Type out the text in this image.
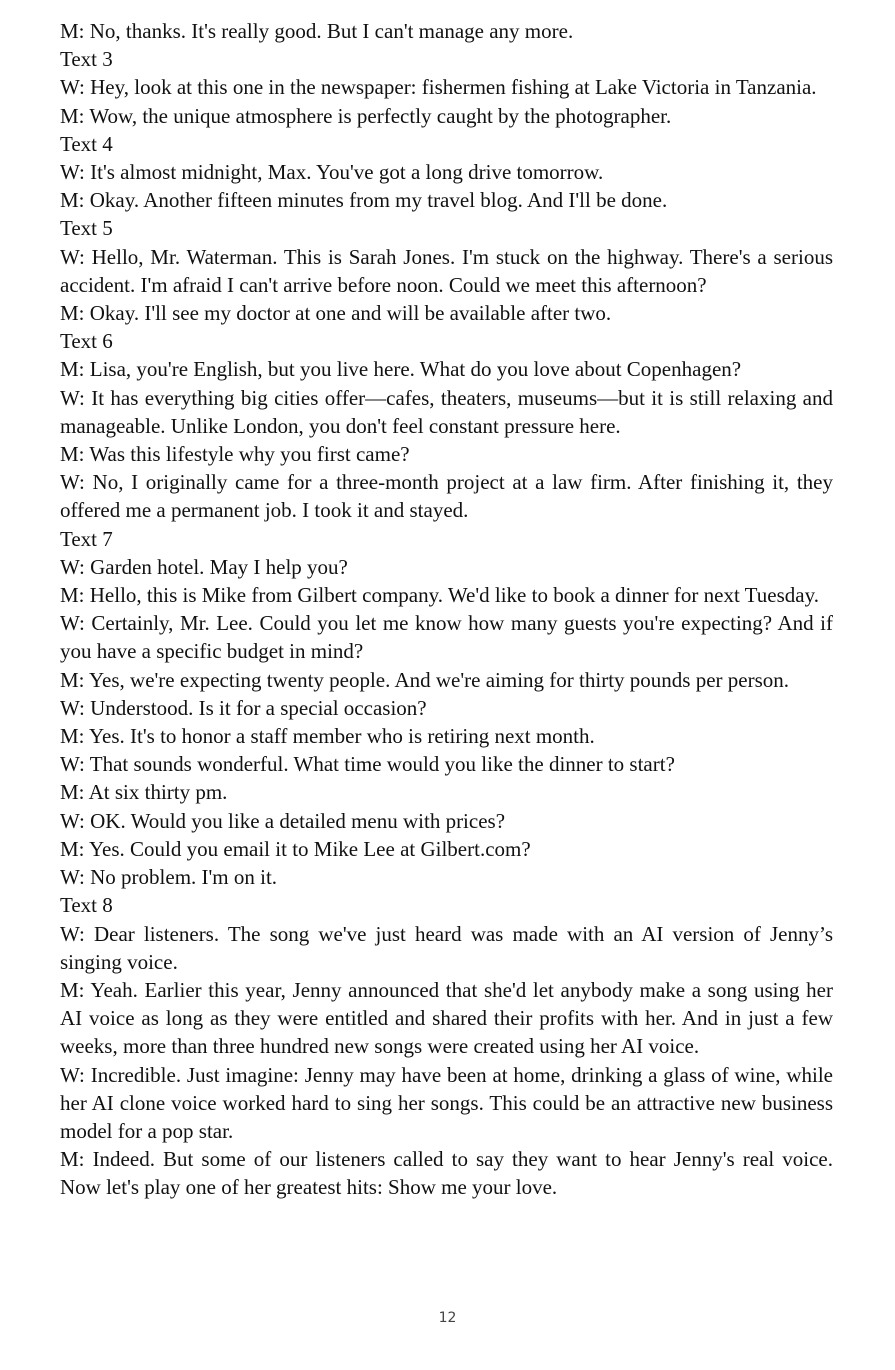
M: No, thanks. It's really good. But I can't manage any more.

Text 3

W: Hey, look at this one in the newspaper: fishermen fishing at Lake Victoria in Tanzania.

M: Wow, the unique atmosphere is perfectly caught by the photographer.

Text 4

W: It's almost midnight, Max. You've got a long drive tomorrow.

M: Okay. Another fifteen minutes from my travel blog. And I'll be done.

Text 5

W: Hello, Mr. Waterman. This is Sarah Jones. I'm stuck on the highway. There's a serious accident. I'm afraid I can't arrive before noon. Could we meet this afternoon?

M: Okay. I'll see my doctor at one and will be available after two.

Text 6

M: Lisa, you're English, but you live here. What do you love about Copenhagen?

W: It has everything big cities offer—cafes, theaters, museums—but it is still relaxing and manageable. Unlike London, you don't feel constant pressure here.

M: Was this lifestyle why you first came?

W: No, I originally came for a three-month project at a law firm. After finishing it, they offered me a permanent job. I took it and stayed.

Text 7

W: Garden hotel. May I help you?

M: Hello, this is Mike from Gilbert company. We'd like to book a dinner for next Tuesday.

W: Certainly, Mr. Lee. Could you let me know how many guests you're expecting? And if you have a specific budget in mind?

M: Yes, we're expecting twenty people. And we're aiming for thirty pounds per person.

W: Understood. Is it for a special occasion?

M: Yes. It's to honor a staff member who is retiring next month.

W: That sounds wonderful. What time would you like the dinner to start?

M: At six thirty pm.

W: OK. Would you like a detailed menu with prices?

M: Yes. Could you email it to Mike Lee at Gilbert.com?

W: No problem. I'm on it.

Text 8

W: Dear listeners. The song we've just heard was made with an AI version of Jenny’s singing voice.

M: Yeah. Earlier this year, Jenny announced that she'd let anybody make a song using her AI voice as long as they were entitled and shared their profits with her. And in just a few weeks, more than three hundred new songs were created using her AI voice.

W: Incredible. Just imagine: Jenny may have been at home, drinking a glass of wine, while her AI clone voice worked hard to sing her songs. This could be an attractive new business model for a pop star.

M: Indeed. But some of our listeners called to say they want to hear Jenny's real voice. Now let's play one of her greatest hits: Show me your love.

12
